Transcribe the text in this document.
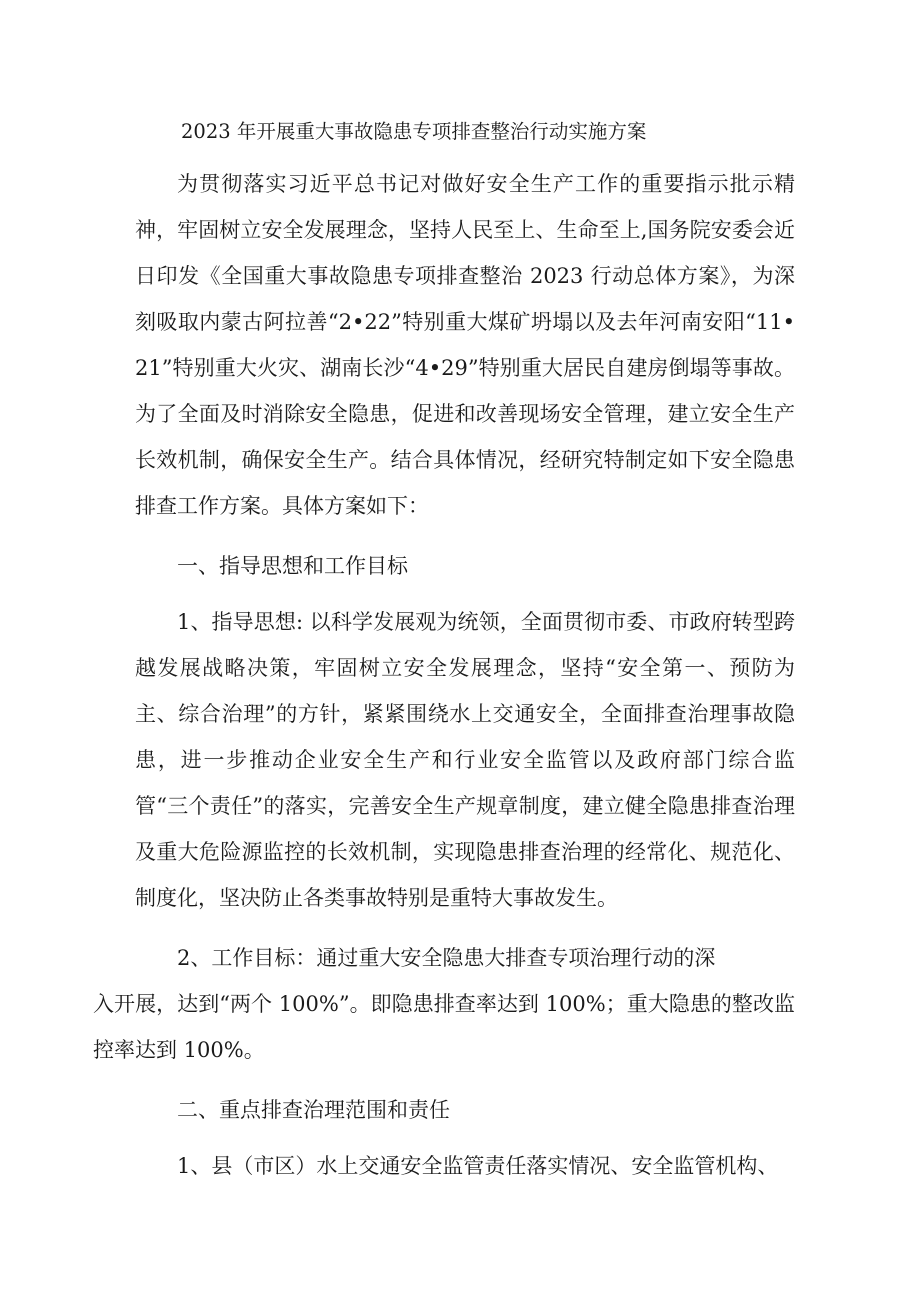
2023 年开展重大事故隐患专项排查整治行动实施方案

为贯彻落实习近平总书记对做好安全生产工作的重要指示批示精神，牢固树立安全发展理念，坚持人民至上、生命至上,国务院安委会近日印发《全国重大事故隐患专项排查整治 2023 行动总体方案》，为深刻吸取内蒙古阿拉善“2•22”特别重大煤矿坍塌以及去年河南安阳“11•21”特别重大火灾、湖南长沙“4•29”特别重大居民自建房倒塌等事故。为了全面及时消除安全隐患，促进和改善现场安全管理，建立安全生产长效机制，确保安全生产。结合具体情况，经研究特制定如下安全隐患排查工作方案。具体方案如下：

一、指导思想和工作目标

1、指导思想: 以科学发展观为统领，全面贯彻市委、市政府转型跨越发展战略决策，牢固树立安全发展理念，坚持“安全第一、预防为主、综合治理”的方针，紧紧围绕水上交通安全，全面排查治理事故隐患，进一步推动企业安全生产和行业安全监管以及政府部门综合监管“三个责任”的落实，完善安全生产规章制度，建立健全隐患排查治理及重大危险源监控的长效机制，实现隐患排查治理的经常化、规范化、制度化，坚决防止各类事故特别是重特大事故发生。

2、工作目标：通过重大安全隐患大排查专项治理行动的深
入开展，达到“两个 100%”。即隐患排查率达到 100%；重大隐患的整改监控率达到 100%。

二、重点排查治理范围和责任

1、县（市区）水上交通安全监管责任落实情况、安全监管机构、
